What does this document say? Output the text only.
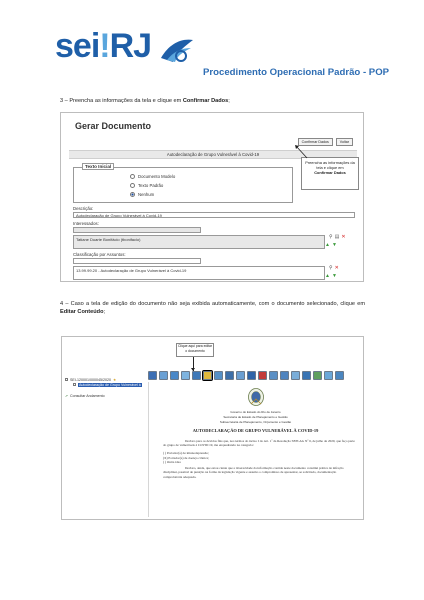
sei!RJ
Procedimento Operacional Padrão - POP
3 – Preencha as informações da tela e clique em Confirmar Dados;
Gerar Documento
Confirmar Dados	Voltar
Autodeclaração de Grupo Vulnerável à Covid-19
Texto Inicial
Documento Modelo
Texto Padrão
Nenhum
Preencha as informações da tela e clique em
Confirmar Dados
Descrição:
Autodeclaração de Grupo Vulnerável à Covid-19
Interessados:
Tatiane Duarte Bonifácio (tbonifacio)	⚲ ▤ ✕
▲ ▼
Classificação por Assuntos:
13.99.99.20 - Autodeclaração de Grupo Vulnerável à Covid-19	⚲ ✕
▲ ▼
4 – Caso a tela de edição do documento não seja exibida automaticamente, com o documento selecionado, clique em Editar Conteúdo;
Clique aqui para editar o documento
SEI-120001/000045/2020 ★
Autodeclaração de Grupo Vulnerável à
➚ Consultar Andamento
Governo do Estado do Rio de Janeiro
Secretaria de Estado de Planejamento e Gestão
Subsecretaria de Planejamento, Orçamento e Gestão
AUTODECLARAÇÃO DE GRUPO VULNERÁVEL À COVID-19
Declaro para os devidos fins que, nos termos do inciso I do Art. 1º da Resolução SEPLAG Nº 6, de julho de 2020, que faço parte do grupo de vulneráveis à COVID 19, me enquadrando na categoria:
( ) Portador(a) de imunodepressão;
(X) Portador(a) de doença crônica;
( ) Outra idea
Declaro, ainda, que estou ciente que a inveracidade da informação contida neste documento constitui prática de infração disciplinar, passível de punição na forma da legislação vigente e assumo o compromisso de apresentar, se solicitado, documentação comprobatória adequada.
